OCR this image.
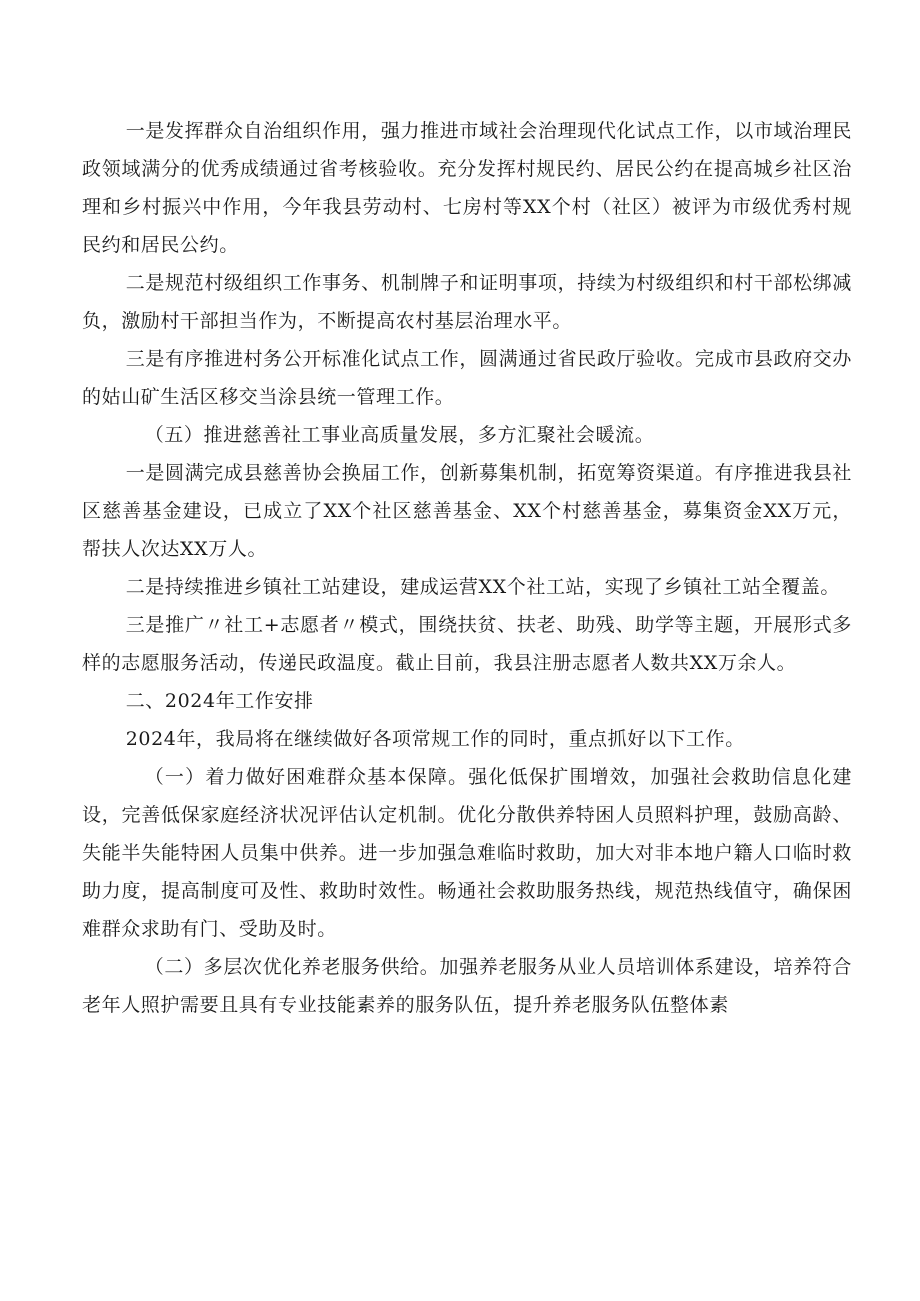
一是发挥群众自治组织作用，强力推进市域社会治理现代化试点工作，以市域治理民政领域满分的优秀成绩通过省考核验收。充分发挥村规民约、居民公约在提高城乡社区治理和乡村振兴中作用，今年我县劳动村、七房村等XX个村（社区）被评为市级优秀村规民约和居民公约。

二是规范村级组织工作事务、机制牌子和证明事项，持续为村级组织和村干部松绑减负，激励村干部担当作为，不断提高农村基层治理水平。

三是有序推进村务公开标准化试点工作，圆满通过省民政厅验收。完成市县政府交办的姑山矿生活区移交当涂县统一管理工作。

（五）推进慈善社工事业高质量发展，多方汇聚社会暖流。

一是圆满完成县慈善协会换届工作，创新募集机制，拓宽筹资渠道。有序推进我县社区慈善基金建设，已成立了XX个社区慈善基金、XX个村慈善基金，募集资金XX万元，帮扶人次达XX万人。

二是持续推进乡镇社工站建设，建成运营XX个社工站，实现了乡镇社工站全覆盖。

三是推广〃社工+志愿者〃模式，围绕扶贫、扶老、助残、助学等主题，开展形式多样的志愿服务活动，传递民政温度。截止目前，我县注册志愿者人数共XX万余人。

二、2024年工作安排

2024年，我局将在继续做好各项常规工作的同时，重点抓好以下工作。

（一）着力做好困难群众基本保障。强化低保扩围增效，加强社会救助信息化建设，完善低保家庭经济状况评估认定机制。优化分散供养特困人员照料护理，鼓励高龄、失能半失能特困人员集中供养。进一步加强急难临时救助，加大对非本地户籍人口临时救助力度，提高制度可及性、救助时效性。畅通社会救助服务热线，规范热线值守，确保困难群众求助有门、受助及时。

（二）多层次优化养老服务供给。加强养老服务从业人员培训体系建设，培养符合老年人照护需要且具有专业技能素养的服务队伍，提升养老服务队伍整体素
